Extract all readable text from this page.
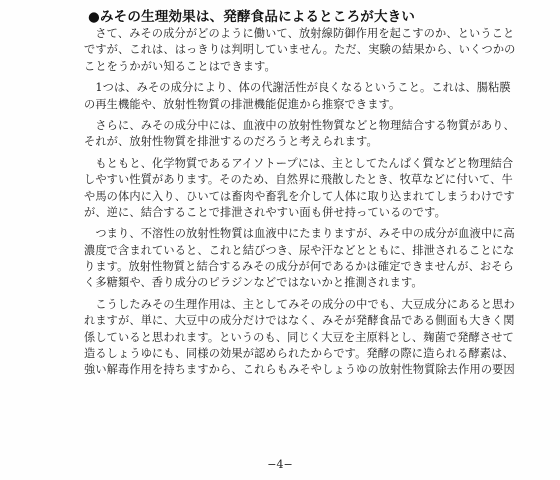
●みその生理効果は、発酵食品によるところが大きい
　さて、みその成分がどのように働いて、放射線防御作用を起こすのか、ということ
ですが、これは、はっきりは判明していません。ただ、実験の結果から、いくつかの
ことをうかがい知ることはできます。
　1つは、みその成分により、体の代謝活性が良くなるということ。これは、腸粘膜
の再生機能や、放射性物質の排泄機能促進から推察できます。
　さらに、みその成分中には、血液中の放射性物質などと物理結合する物質があり、
それが、放射性物質を排泄するのだろうと考えられます。
　もともと、化学物質であるアイソトープには、主としてたんぱく質などと物理結合
しやすい性質があります。そのため、自然界に飛散したとき、牧草などに付いて、牛
や馬の体内に入り、ひいては畜肉や畜乳を介して人体に取り込まれてしまうわけです
が、逆に、結合することで排泄されやすい面も併せ持っているのです。
　つまり、不溶性の放射性物質は血液中にたまりますが、みそ中の成分が血液中に高
濃度で含まれていると、これと結びつき、尿や汗などとともに、排泄されることにな
ります。放射性物質と結合するみその成分が何であるかは確定できませんが、おそら
く多糖類や、香り成分のピラジンなどではないかと推測されます。
　こうしたみその生理作用は、主としてみその成分の中でも、大豆成分にあると思わ
れますが、単に、大豆中の成分だけではなく、みそが発酵食品である側面も大きく関
係していると思われます。というのも、同じく大豆を主原料とし、麹菌で発酵させて
造るしょうゆにも、同様の効果が認められたからです。発酵の際に造られる酵素は、
強い解毒作用を持ちますから、これらもみそやしょうゆの放射性物質除去作用の要因
−4−
